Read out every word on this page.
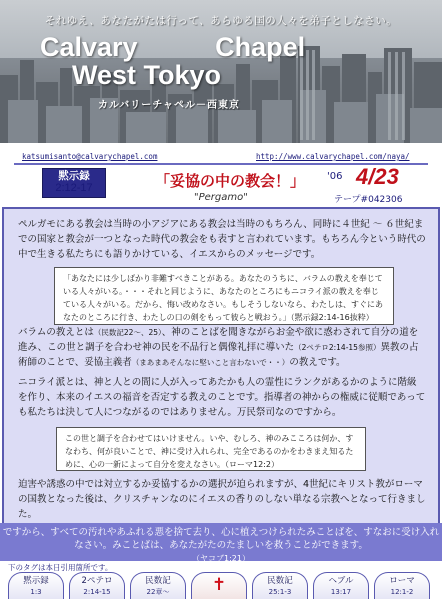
それゆえ、あなたがたは行って、あらゆる国の人々を弟子としなさい。
Calvary Chapel
West Tokyo
カルバリーチャペル－西東京
katsumisanto@calvarychapel.com	http://www.calvarychapel.com/naya/
黙示録
2:12-17	「妥協の中の教会！」
"Pergamo"
'06 4/23
テープ#042306
ペルガモにある教会は当時の小アジアにある教会は当時のもちろん、同時に４世紀 ～ ６世紀までの国家と教会が一つとなった時代の教会をも表すと言われています。もちろん今という時代の中で生きる私たちにも語りかけている、イエスからのメッセージです。
「あなたには少しばかり非難すべきことがある。あなたのうちに、バラムの教えを奉じている人々がいる。・・・それと同じように、あなたのところにもニコライ派の教えを奉じている人々がいる。だから、悔い改めなさい。もしそうしないなら、わたしは、すぐにあなたのところに行き、わたしの口の剣をもって彼らと戦おう。」（黙示録2:14-16抜粋）
バラムの教えとは（民数記22～、25）、神のことばを聞きながらお金や欲に惑わされて自分の道を進み、この世と調子を合わせ神の民を不品行と偶像礼拝に導いた（2ペテロ2:14-15参照）異教の占術師のことで、妥協主義者（まあまあそんなに堅いこと言わないで・・）の教えです。
ニコライ派とは、神と人との間に人が入ってあたかも人の霊性にランクがあるかのように階級を作り、本来のイエスの福音を否定する教えのことです。指導者の神からの権威に従順であっても私たちは決して人につながるのではありません。万民祭司なのですから。
この世と調子を合わせてはいけません。いや、むしろ、神のみこころは何か、すなわち、何が良いことで、神に受け入れられ、完全であるのかをわきまえ知るために、心の一新によって自分を変えなさい。（ローマ12:2）
迫害や誘惑の中では対立するか妥協するかの選択が迫られますが、4世紀にキリスト教がローマの国教となった後は、クリスチャンなのにイエスの香りのしない単なる宗教へとなって行きました。
ですから、すべての汚れやあふれる悪を捨て去り、心に植えつけられたみことばを、すなおに受け入れなさい。みことばは、あなたがたのたましいを救うことができます。
（ヤコブ1:21）
下のタグは本日引用箇所です。
黙示録
1:3
2ペテロ
2:14-15
民数記
22章～	✝	民数記
25:1-3
ヘブル
13:17
ローマ
12:1-2
